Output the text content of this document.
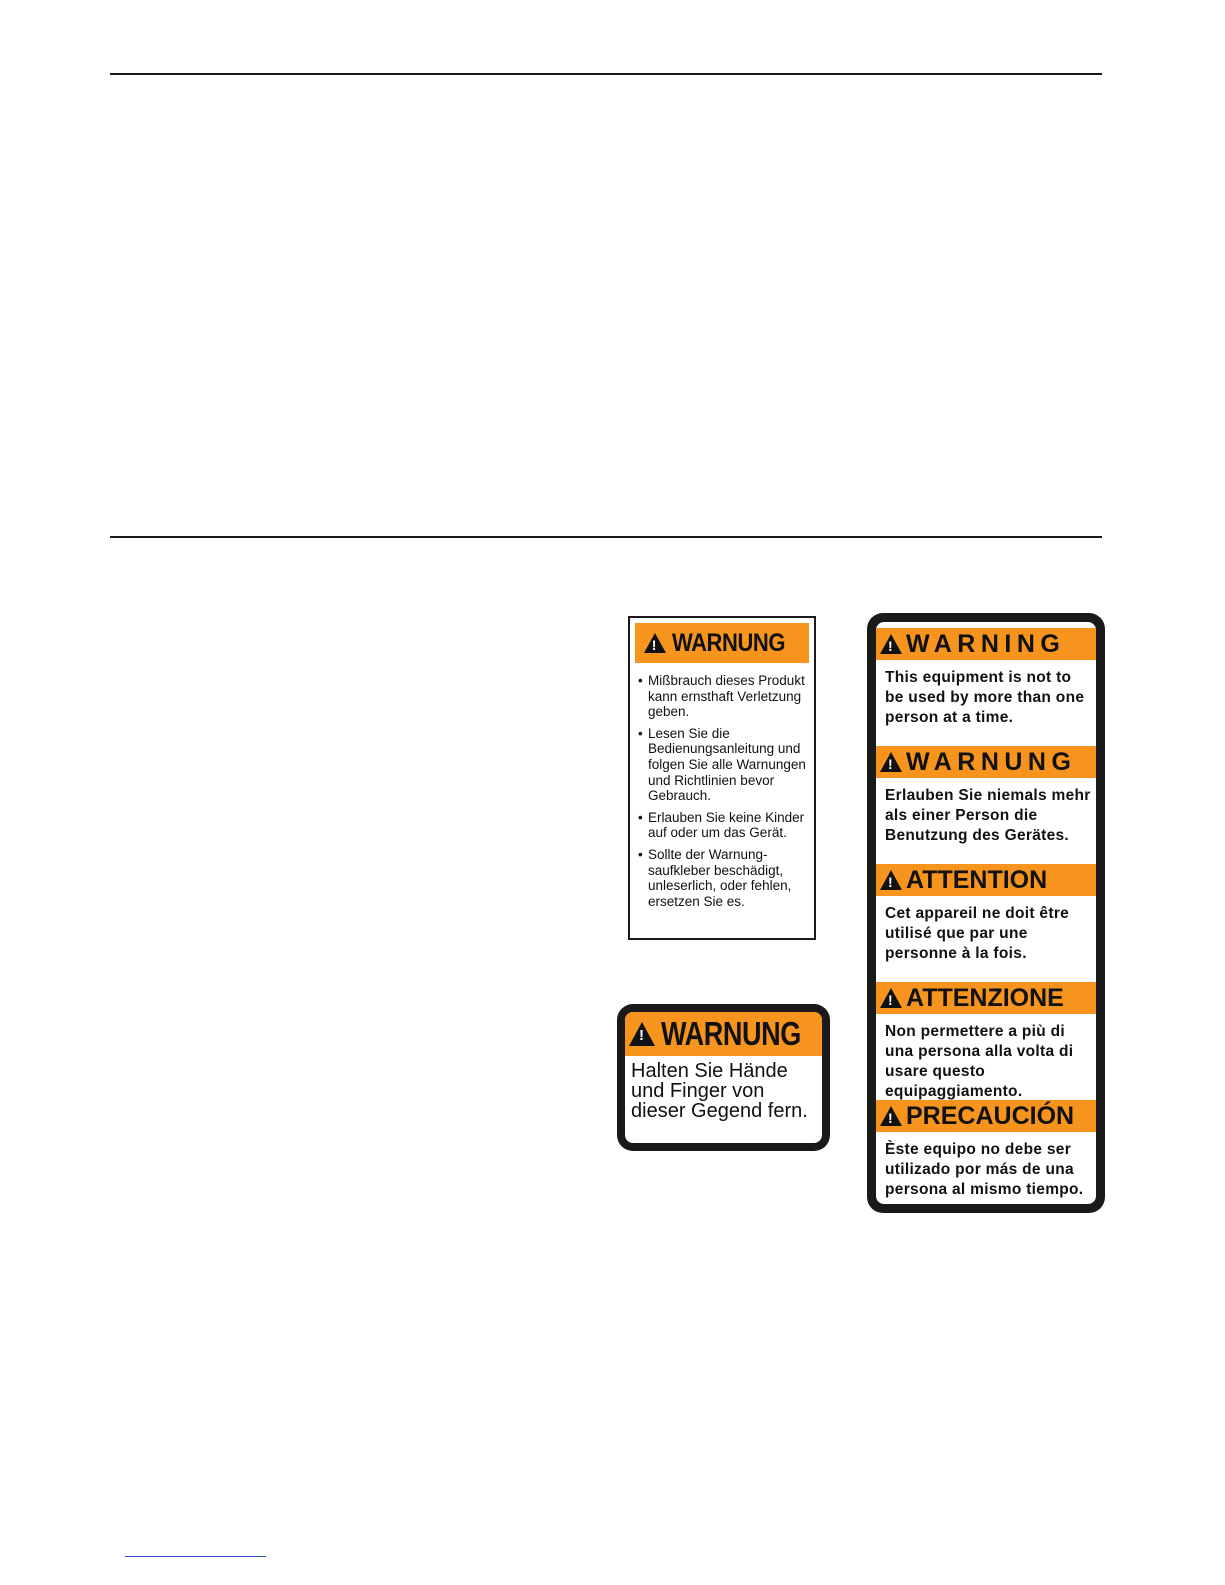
!
WARNUNG
• Mißbrauch dieses Produkt kann ernsthaft Verletzung geben.
• Lesen Sie die Bedienungsanleitung und folgen Sie alle Warnungen und Richtlinien bevor Gebrauch.
• Erlauben Sie keine Kinder auf oder um das Gerät.
• Sollte der Warnung-saufkleber beschädigt, unleserlich, oder fehlen, ersetzen Sie es.
!
WARNUNG
Halten Sie Hände und Finger von dieser Gegend fern.
!
WARNING
This equipment is not to be used by more than one person at a time.
!
WARNUNG
Erlauben Sie niemals mehr als einer Person die Benutzung des Gerätes.
!
ATTENTION
Cet appareil ne doit être utilisé que par une personne à la fois.
!
ATTENZIONE
Non permettere a più di una persona alla volta di usare questo equipaggiamento.
!
PRECAUCIÓN
Èste equipo no debe ser utilizado por más de una persona al mismo tiempo.
